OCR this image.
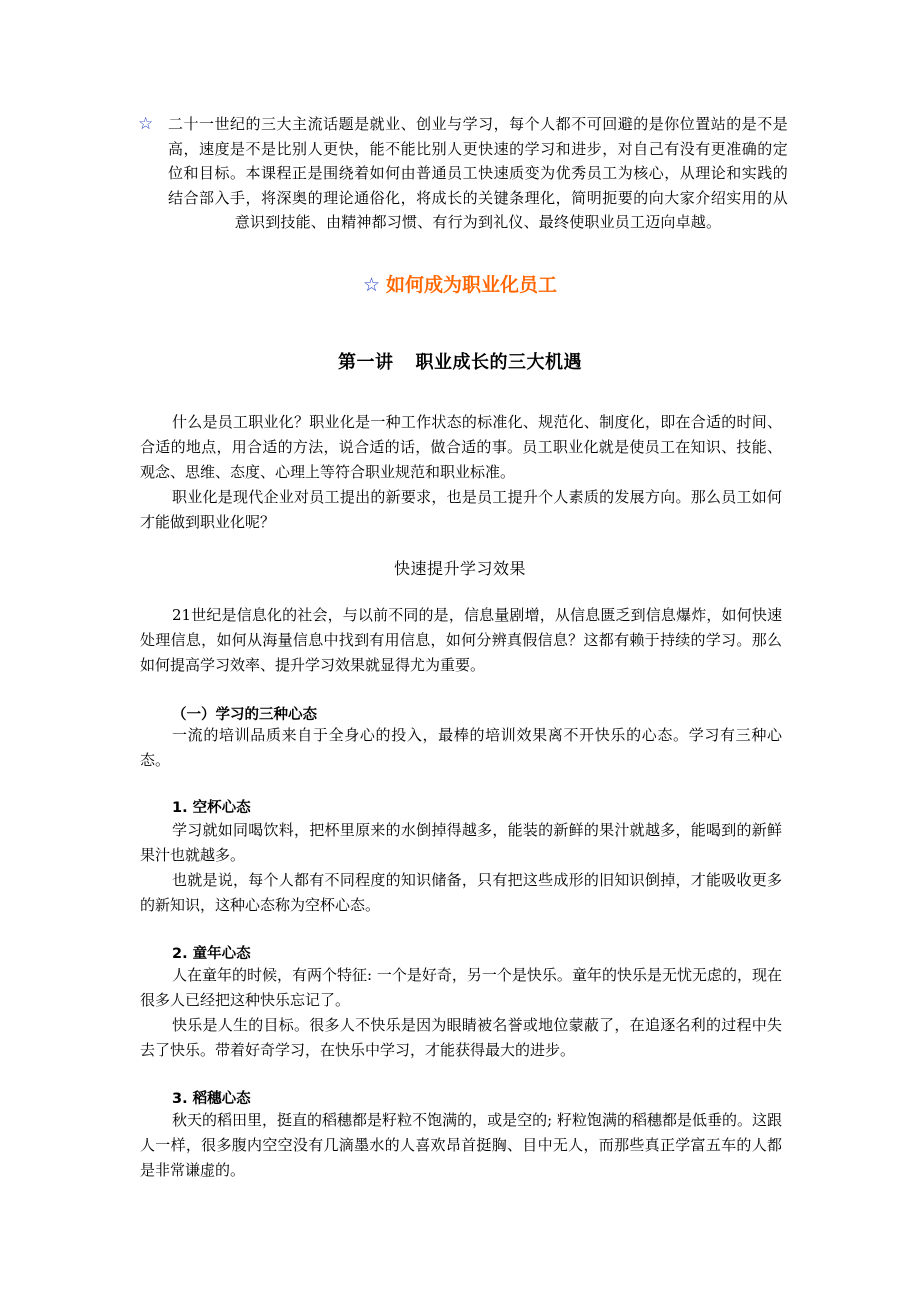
☆ 二十一世纪的三大主流话题是就业、创业与学习，每个人都不可回避的是你位置站的是不是高，速度是不是比别人更快，能不能比别人更快速的学习和进步，对自己有没有更准确的定位和目标。本课程正是围绕着如何由普通员工快速质变为优秀员工为核心，从理论和实践的结合部入手，将深奥的理论通俗化，将成长的关键条理化，简明扼要的向大家介绍实用的从意识到技能、由精神都习惯、有行为到礼仪、最终使职业员工迈向卓越。
☆ 如何成为职业化员工
第一讲 职业成长的三大机遇

什么是员工职业化？职业化是一种工作状态的标准化、规范化、制度化，即在合适的时间、合适的地点，用合适的方法，说合适的话，做合适的事。员工职业化就是使员工在知识、技能、观念、思维、态度、心理上等符合职业规范和职业标准。

职业化是现代企业对员工提出的新要求，也是员工提升个人素质的发展方向。那么员工如何才能做到职业化呢？

快速提升学习效果

21世纪是信息化的社会，与以前不同的是，信息量剧增，从信息匮乏到信息爆炸，如何快速处理信息，如何从海量信息中找到有用信息，如何分辨真假信息？这都有赖于持续的学习。那么如何提高学习效率、提升学习效果就显得尤为重要。

（一）学习的三种心态

一流的培训品质来自于全身心的投入，最棒的培训效果离不开快乐的心态。学习有三种心态。

1. 空杯心态

学习就如同喝饮料，把杯里原来的水倒掉得越多，能装的新鲜的果汁就越多，能喝到的新鲜果汁也就越多。

也就是说，每个人都有不同程度的知识储备，只有把这些成形的旧知识倒掉，才能吸收更多的新知识，这种心态称为空杯心态。

2. 童年心态

人在童年的时候，有两个特征: 一个是好奇，另一个是快乐。童年的快乐是无忧无虑的，现在很多人已经把这种快乐忘记了。

快乐是人生的目标。很多人不快乐是因为眼睛被名誉或地位蒙蔽了，在追逐名利的过程中失去了快乐。带着好奇学习，在快乐中学习，才能获得最大的进步。

3. 稻穗心态

秋天的稻田里，挺直的稻穗都是籽粒不饱满的，或是空的; 籽粒饱满的稻穗都是低垂的。这跟人一样，很多腹内空空没有几滴墨水的人喜欢昂首挺胸、目中无人，而那些真正学富五车的人都是非常谦虚的。
